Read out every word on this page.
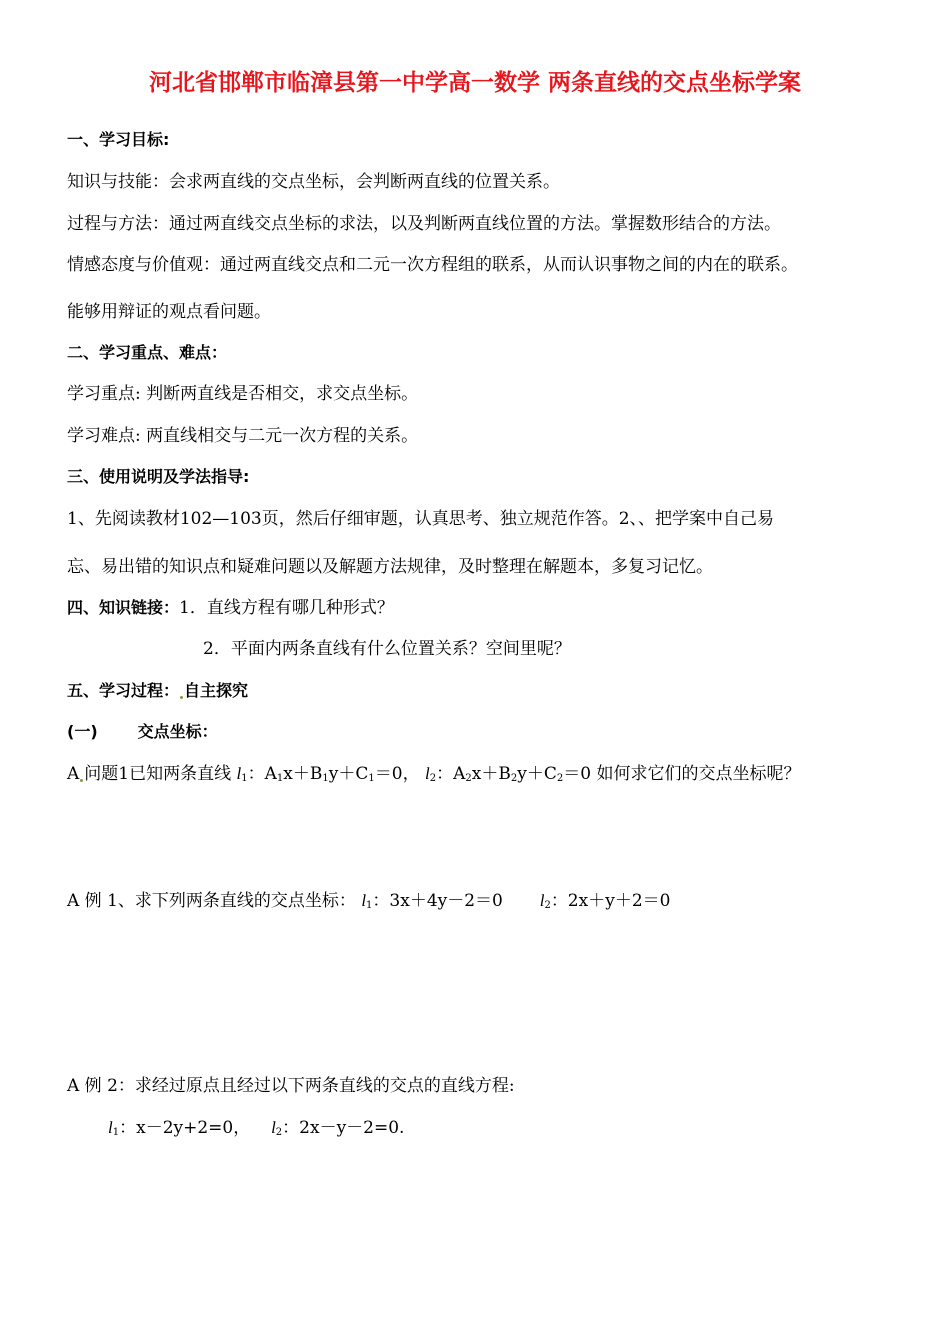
河北省邯郸市临漳县第一中学高一数学 两条直线的交点坐标学案
一、学习目标:
知识与技能：会求两直线的交点坐标，会判断两直线的位置关系。
过程与方法：通过两直线交点坐标的求法，以及判断两直线位置的方法。掌握数形结合的方法。
情感态度与价值观：通过两直线交点和二元一次方程组的联系，从而认识事物之间的内在的联系。
能够用辩证的观点看问题。
二、学习重点、难点：
学习重点: 判断两直线是否相交，求交点坐标。
学习难点: 两直线相交与二元一次方程的关系。
三、使用说明及学法指导:
1、先阅读教材102—103页，然后仔细审题，认真思考、独立规范作答。2、、把学案中自己易
忘、易出错的知识点和疑难问题以及解题方法规律，及时整理在解题本，多复习记忆。
四、知识链接：1．直线方程有哪几种形式？
2．平面内两条直线有什么位置关系？空间里呢？
五、学习过程： 自主探究
(一)	交点坐标：
A 问题1已知两条直线 $l_1$：$A_1x+B_1y+C_1=0$， $l_2$：$A_2x+B_2y+C_2=0$ 如何求它们的交点坐标呢？
A 例 1、求下列两条直线的交点坐标： $l_1$：3x＋4y－2＝0 $l_2$：2x＋y＋2＝0
A 例 2：求经过原点且经过以下两条直线的交点的直线方程:
$l_1$：x－2y+2=0， $l_2$：2x－y－2=0.
